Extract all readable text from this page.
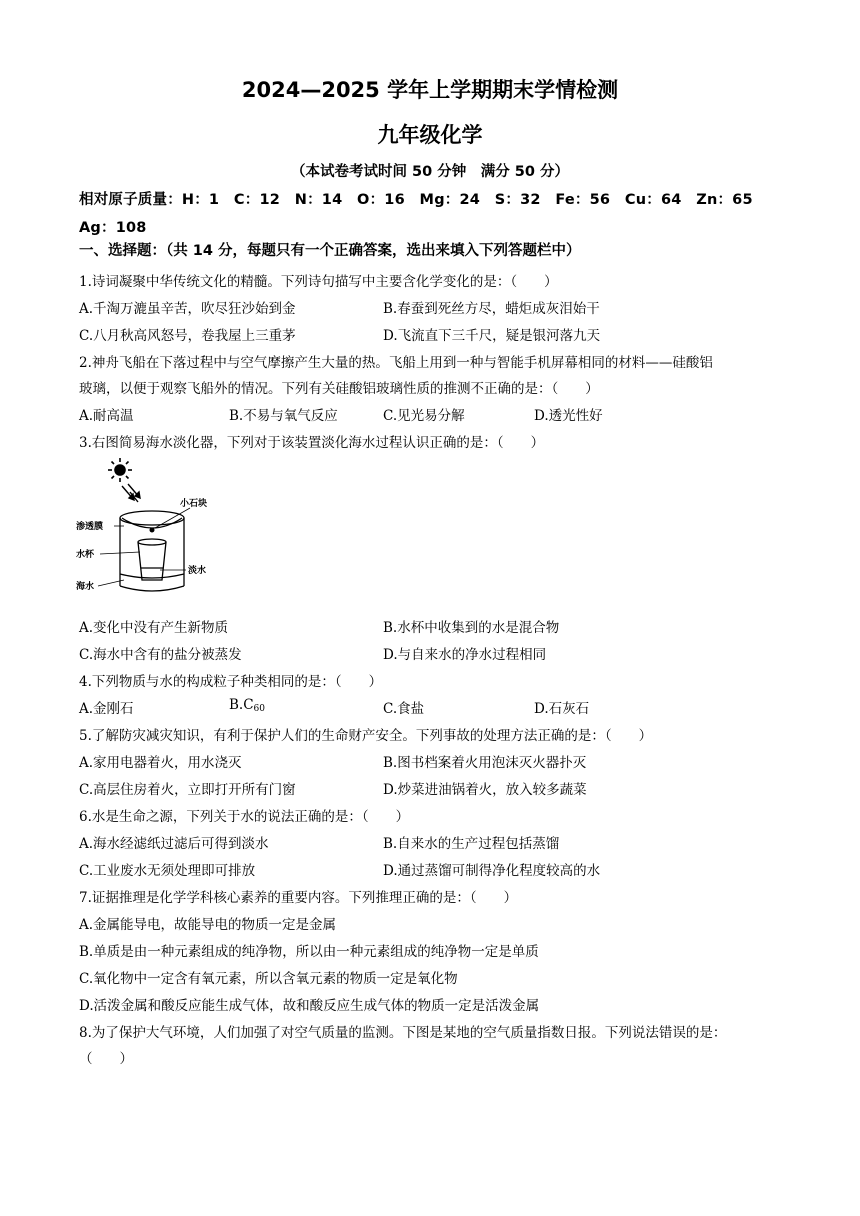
2024—2025 学年上学期期末学情检测
九年级化学
（本试卷考试时间 50 分钟　满分 50 分）
相对原子质量：H：1　C：12　N：14　O：16　Mg：24　S：32　Fe：56　Cu：64　Zn：65　Ag：108
一、选择题：（共 14 分，每题只有一个正确答案，选出来填入下列答题栏中）
1.诗词凝聚中华传统文化的精髓。下列诗句描写中主要含化学变化的是：（　　）
A.千淘万漉虽辛苦，吹尽狂沙始到金	B.春蚕到死丝方尽，蜡炬成灰泪始干
C.八月秋高风怒号，卷我屋上三重茅	D.飞流直下三千尺，疑是银河落九天
2.神舟飞船在下落过程中与空气摩擦产生大量的热。飞船上用到一种与智能手机屏幕相同的材料——硅酸铝
玻璃，以便于观察飞船外的情况。下列有关硅酸铝玻璃性质的推测不正确的是：（　　）
A.耐高温	B.不易与氧气反应	C.见光易分解	D.透光性好
3.右图简易海水淡化器，下列对于该装置淡化海水过程认识正确的是：（　　）
小石块
渗透膜
水杯
淡水
海水
A.变化中没有产生新物质	B.水杯中收集到的水是混合物
C.海水中含有的盐分被蒸发	D.与自来水的净水过程相同
4.下列物质与水的构成粒子种类相同的是：（　　）
A.金刚石	$B.C_{60}$	C.食盐	D.石灰石
5.了解防灾减灾知识，有利于保护人们的生命财产安全。下列事故的处理方法正确的是：（　　）
A.家用电器着火，用水浇灭	B.图书档案着火用泡沫灭火器扑灭
C.高层住房着火，立即打开所有门窗	D.炒菜进油锅着火，放入较多蔬菜
6.水是生命之源，下列关于水的说法正确的是：（　　）
A.海水经滤纸过滤后可得到淡水	B.自来水的生产过程包括蒸馏
C.工业废水无须处理即可排放	D.通过蒸馏可制得净化程度较高的水
7.证据推理是化学学科核心素养的重要内容。下列推理正确的是：（　　）
A.金属能导电，故能导电的物质一定是金属
B.单质是由一种元素组成的纯净物，所以由一种元素组成的纯净物一定是单质
C.氧化物中一定含有氧元素，所以含氧元素的物质一定是氧化物
D.活泼金属和酸反应能生成气体，故和酸反应生成气体的物质一定是活泼金属
8.为了保护大气环境，人们加强了对空气质量的监测。下图是某地的空气质量指数日报。下列说法错误的是：
（　　）
